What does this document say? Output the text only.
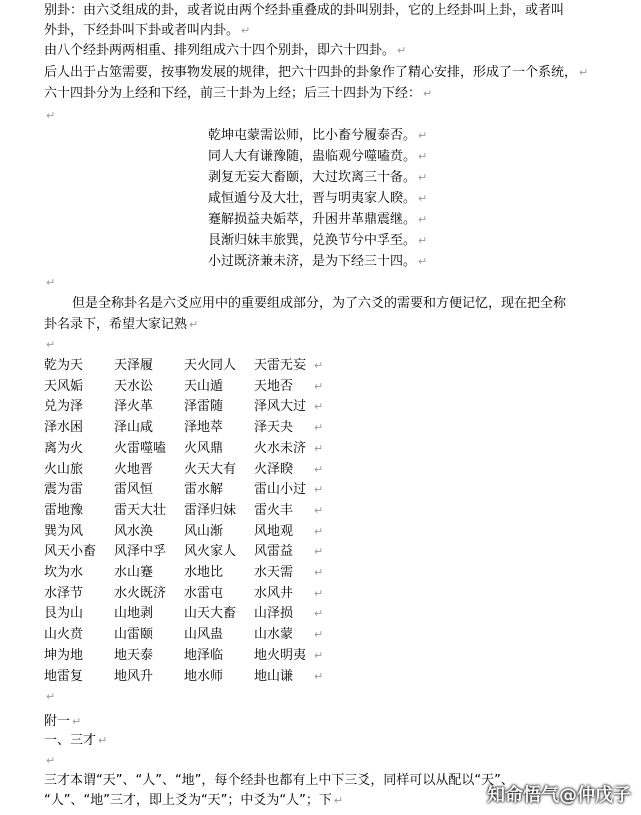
别卦：由六爻组成的卦，或者说由两个经卦重叠成的卦叫别卦，它的上经卦叫上卦，或者叫
外卦，下经卦叫下卦或者叫内卦。 ↵
由八个经卦两两相重、排列组成六十四个别卦，即六十四卦。 ↵
后人出于占筮需要，按事物发展的规律，把六十四卦的卦象作了精心安排，形成了一个系统， ↵
六十四卦分为上经和下经，前三十卦为上经；后三十四卦为下经： ↵
↵
乾坤屯蒙需讼师，比小畜兮履泰否。 ↵
同人大有谦豫随，蛊临观兮噬嗑贲。 ↵
剥复无妄大畜颐，大过坎离三十备。 ↵
咸恒遁兮及大壮，晋与明夷家人睽。 ↵
蹇解损益夬姤萃，升困井革鼎震继。 ↵
艮渐归妹丰旅巽，兑涣节兮中孚至。 ↵
小过既济兼未济，是为下经三十四。 ↵
↵
但是全称卦名是六爻应用中的重要组成部分，为了六爻的需要和方便记忆，现在把全称
卦名录下，希望大家记熟 ↵
↵
乾为天 天泽履 天火同人 天雷无妄 ↵
天风姤 天水讼 天山遁 天地否 ↵
兑为泽 泽火革 泽雷随 泽风大过 ↵
泽水困 泽山咸 泽地萃 泽天夬 ↵
离为火 火雷噬嗑 火风鼎 火水未济 ↵
火山旅 火地晋 火天大有 火泽睽 ↵
震为雷 雷风恒 雷水解 雷山小过 ↵
雷地豫 雷天大壮 雷泽归妹 雷火丰 ↵
巽为风 风水涣 风山渐 风地观 ↵
风天小畜 风泽中孚 风火家人 风雷益 ↵
坎为水 水山蹇 水地比 水天需 ↵
水泽节 水火既济 水雷屯 水风井 ↵
艮为山 山地剥 山天大畜 山泽损 ↵
山火贲 山雷颐 山风蛊 山水蒙 ↵
坤为地 地天泰 地泽临 地火明夷 ↵
地雷复 地风升 地水师 地山谦 ↵
↵
附一 ↵
一、三才 ↵
↵
三才本谓“天”、“人”、“地”，每个经卦也都有上中下三爻，同样可以从配以“天”、
“人”、“地”三才，即上爻为“天”；中爻为“人”；下 ↵	知命悟气@仲戊子
